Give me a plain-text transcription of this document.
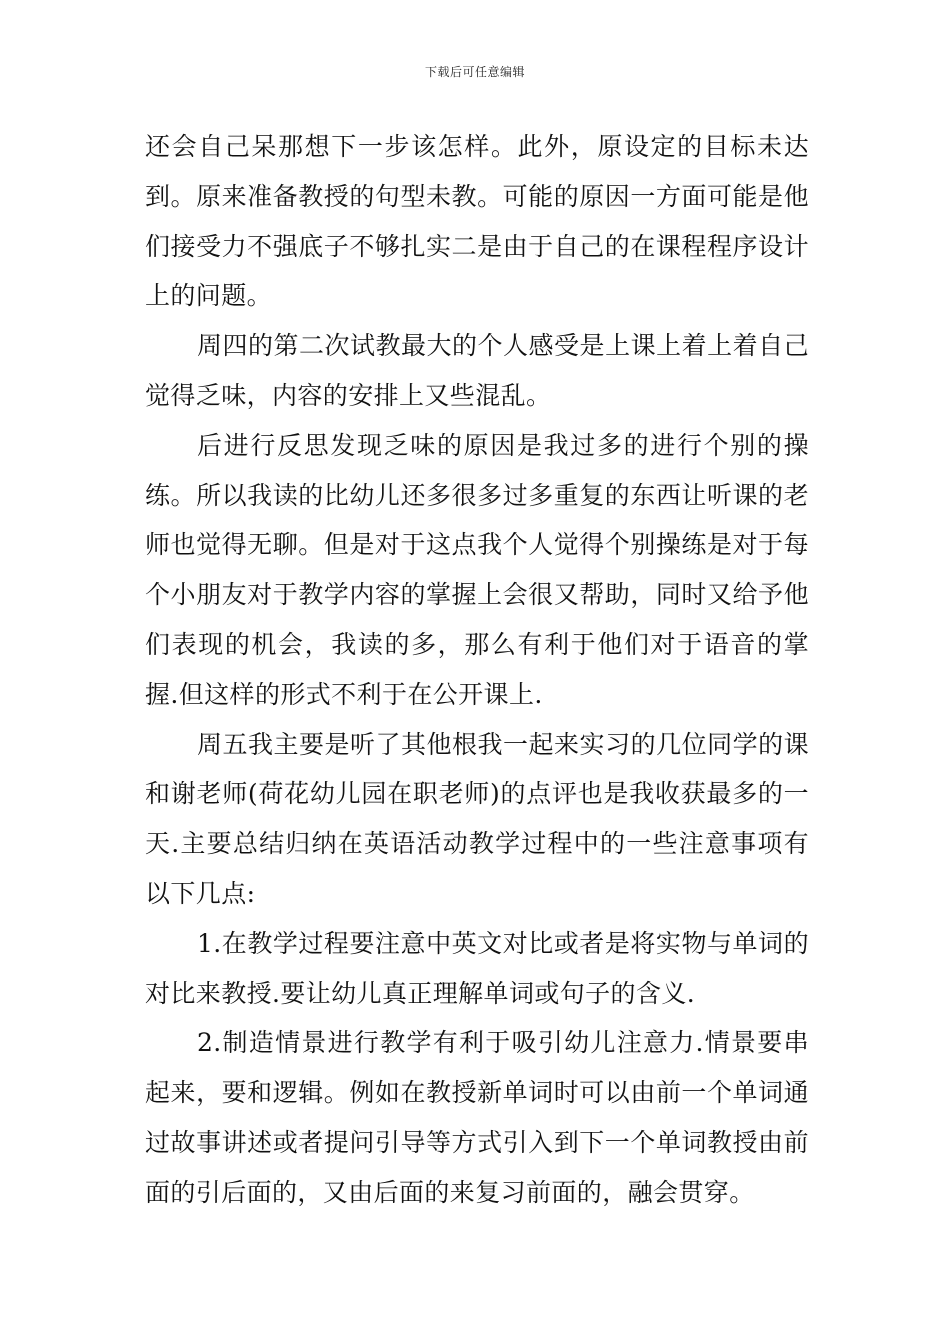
下载后可任意编辑

还会自己呆那想下一步该怎样。此外，原设定的目标未达到。原来准备教授的句型未教。可能的原因一方面可能是他们接受力不强底子不够扎实二是由于自己的在课程程序设计上的问题。

周四的第二次试教最大的个人感受是上课上着上着自己觉得乏味，内容的安排上又些混乱。

后进行反思发现乏味的原因是我过多的进行个别的操练。所以我读的比幼儿还多很多过多重复的东西让听课的老师也觉得无聊。但是对于这点我个人觉得个别操练是对于每个小朋友对于教学内容的掌握上会很又帮助，同时又给予他们表现的机会，我读的多，那么有利于他们对于语音的掌握.但这样的形式不利于在公开课上.

周五我主要是听了其他根我一起来实习的几位同学的课和谢老师(荷花幼儿园在职老师)的点评也是我收获最多的一天.主要总结归纳在英语活动教学过程中的一些注意事项有以下几点:

1.在教学过程要注意中英文对比或者是将实物与单词的对比来教授.要让幼儿真正理解单词或句子的含义.

2.制造情景进行教学有利于吸引幼儿注意力.情景要串起来，要和逻辑。例如在教授新单词时可以由前一个单词通过故事讲述或者提问引导等方式引入到下一个单词教授由前面的引后面的，又由后面的来复习前面的，融会贯穿。
